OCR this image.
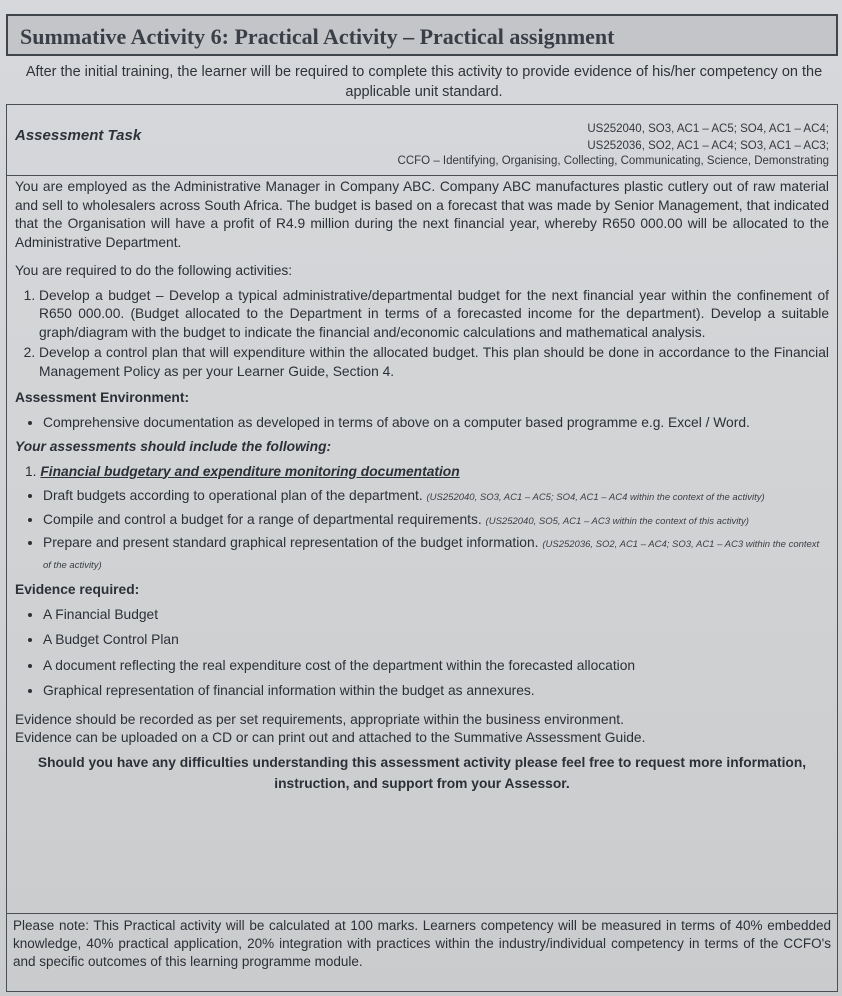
Summative Activity 6: Practical Activity – Practical assignment
After the initial training, the learner will be required to complete this activity to provide evidence of his/her competency on the applicable unit standard.
Assessment Task	US252040, SO3, AC1 – AC5; SO4, AC1 – AC4;
US252036, SO2, AC1 – AC4; SO3, AC1 – AC3;
CCFO – Identifying, Organising, Collecting, Communicating, Science, Demonstrating

You are employed as the Administrative Manager in Company ABC. Company ABC manufactures plastic cutlery out of raw material and sell to wholesalers across South Africa. The budget is based on a forecast that was made by Senior Management, that indicated that the Organisation will have a profit of R4.9 million during the next financial year, whereby R650 000.00 will be allocated to the Administrative Department.

You are required to do the following activities:

1. Develop a budget – Develop a typical administrative/departmental budget for the next financial year within the confinement of R650 000.00. (Budget allocated to the Department in terms of a forecasted income for the department). Develop a suitable graph/diagram with the budget to indicate the financial and/economic calculations and mathematical analysis.
2. Develop a control plan that will expenditure within the allocated budget. This plan should be done in accordance to the Financial Management Policy as per your Learner Guide, Section 4.
Assessment Environment:
• Comprehensive documentation as developed in terms of above on a computer based programme e.g. Excel / Word.
Your assessments should include the following:
1. Financial budgetary and expenditure monitoring documentation
• Draft budgets according to operational plan of the department. (US252040, SO3, AC1 – AC5; SO4, AC1 – AC4 within the context of the activity)
• Compile and control a budget for a range of departmental requirements. (US252040, SO5, AC1 – AC3 within the context of this activity)
• Prepare and present standard graphical representation of the budget information. (US252036, SO2, AC1 – AC4; SO3, AC1 – AC3 within the context of the activity)
Evidence required:
• A Financial Budget
• A Budget Control Plan
• A document reflecting the real expenditure cost of the department within the forecasted allocation
• Graphical representation of financial information within the budget as annexures.

Evidence should be recorded as per set requirements, appropriate within the business environment.

Evidence can be uploaded on a CD or can print out and attached to the Summative Assessment Guide.

Should you have any difficulties understanding this assessment activity please feel free to request more information, instruction, and support from your Assessor.

Please note: This Practical activity will be calculated at 100 marks. Learners competency will be measured in terms of 40% embedded knowledge, 40% practical application, 20% integration with practices within the industry/individual competency in terms of the CCFO's and specific outcomes of this learning programme module.
